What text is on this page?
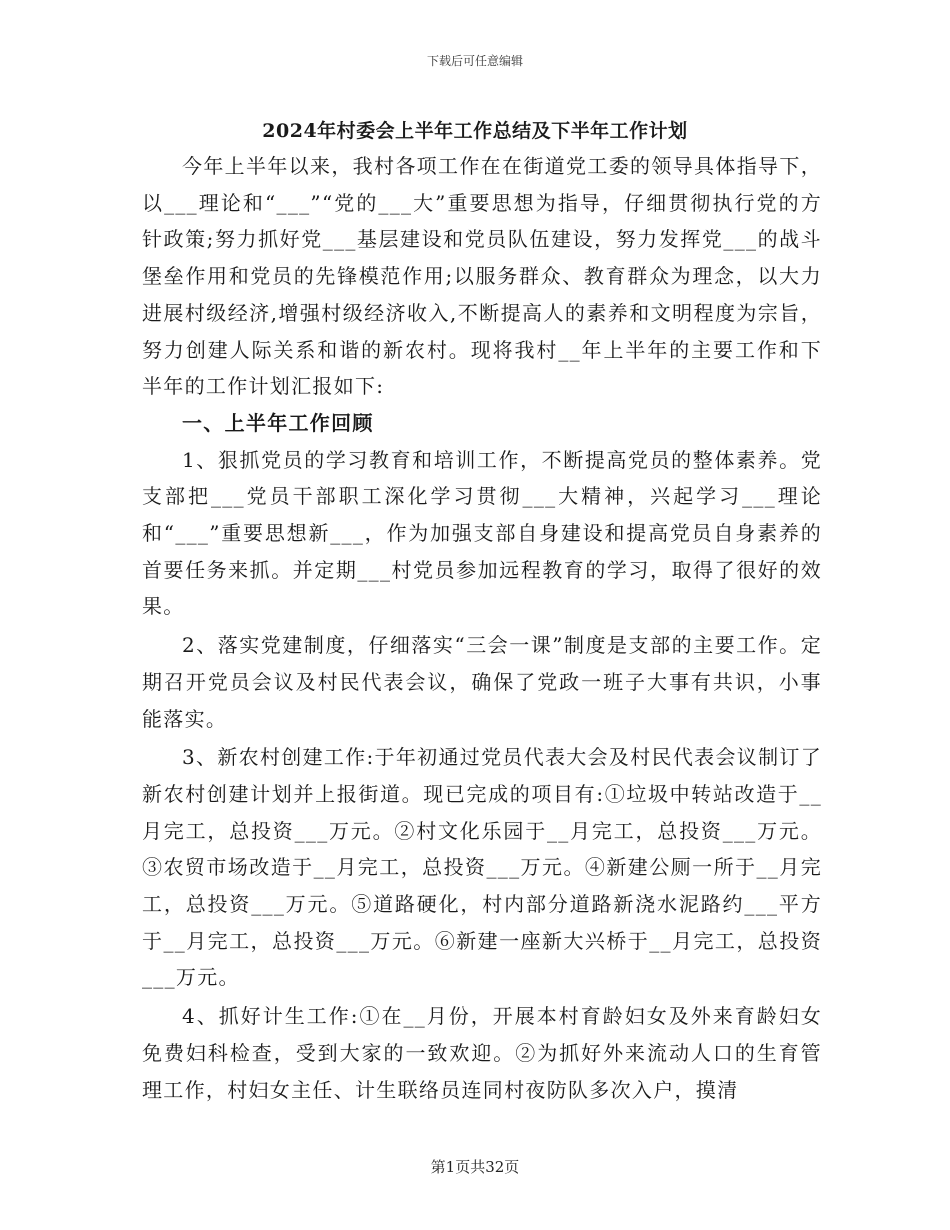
下载后可任意编辑
2024年村委会上半年工作总结及下半年工作计划

今年上半年以来，我村各项工作在在街道党工委的领导具体指导下，以___理论和“___”“党的___大”重要思想为指导，仔细贯彻执行党的方针政策;努力抓好党___基层建设和党员队伍建设，努力发挥党___的战斗堡垒作用和党员的先锋模范作用;以服务群众、教育群众为理念，以大力进展村级经济,增强村级经济收入,不断提高人的素养和文明程度为宗旨，努力创建人际关系和谐的新农村。现将我村__年上半年的主要工作和下半年的工作计划汇报如下:

一、上半年工作回顾

1、狠抓党员的学习教育和培训工作，不断提高党员的整体素养。党支部把___党员干部职工深化学习贯彻___大精神，兴起学习___理论和“___”重要思想新___，作为加强支部自身建设和提高党员自身素养的首要任务来抓。并定期___村党员参加远程教育的学习，取得了很好的效果。

2、落实党建制度，仔细落实“三会一课”制度是支部的主要工作。定期召开党员会议及村民代表会议，确保了党政一班子大事有共识，小事能落实。

3、新农村创建工作:于年初通过党员代表大会及村民代表会议制订了新农村创建计划并上报街道。现已完成的项目有:①垃圾中转站改造于__月完工，总投资___万元。②村文化乐园于__月完工，总投资___万元。③农贸市场改造于__月完工，总投资___万元。④新建公厕一所于__月完工，总投资___万元。⑤道路硬化，村内部分道路新浇水泥路约___平方于__月完工，总投资___万元。⑥新建一座新大兴桥于__月完工，总投资___万元。

4、抓好计生工作:①在__月份，开展本村育龄妇女及外来育龄妇女免费妇科检查，受到大家的一致欢迎。②为抓好外来流动人口的生育管理工作，村妇女主任、计生联络员连同村夜防队多次入户，摸清

第1页共32页
